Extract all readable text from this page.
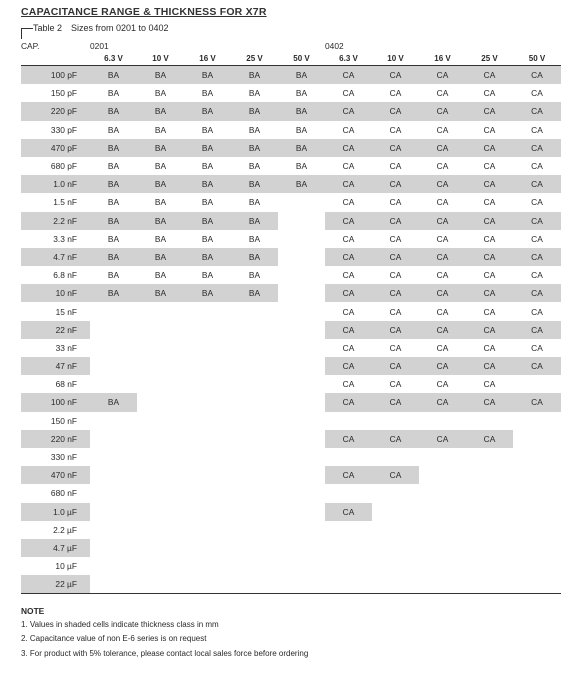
CAPACITANCE RANGE & THICKNESS FOR X7R
Table 2 Sizes from 0201 to 0402
CAP.	0201					0402				
	6.3 V	10 V	16 V	25 V	50 V	6.3 V	10 V	16 V	25 V	50 V
100 pF	BA	BA	BA	BA	BA	CA	CA	CA	CA	CA
150 pF	BA	BA	BA	BA	BA	CA	CA	CA	CA	CA
220 pF	BA	BA	BA	BA	BA	CA	CA	CA	CA	CA
330 pF	BA	BA	BA	BA	BA	CA	CA	CA	CA	CA
470 pF	BA	BA	BA	BA	BA	CA	CA	CA	CA	CA
680 pF	BA	BA	BA	BA	BA	CA	CA	CA	CA	CA
1.0 nF	BA	BA	BA	BA	BA	CA	CA	CA	CA	CA
1.5 nF	BA	BA	BA	BA		CA	CA	CA	CA	CA
2.2 nF	BA	BA	BA	BA		CA	CA	CA	CA	CA
3.3 nF	BA	BA	BA	BA		CA	CA	CA	CA	CA
4.7 nF	BA	BA	BA	BA		CA	CA	CA	CA	CA
6.8 nF	BA	BA	BA	BA		CA	CA	CA	CA	CA
10 nF	BA	BA	BA	BA		CA	CA	CA	CA	CA
15 nF						CA	CA	CA	CA	CA
22 nF						CA	CA	CA	CA	CA
33 nF						CA	CA	CA	CA	CA
47 nF						CA	CA	CA	CA	CA
68 nF						CA	CA	CA	CA	
100 nF	BA					CA	CA	CA	CA	CA
150 nF										
220 nF						CA	CA	CA	CA	
330 nF										
470 nF						CA	CA			
680 nF										
1.0 µF						CA				
2.2 µF										
4.7 µF										
10 µF										
22 µF										
NOTE
1. Values in shaded cells indicate thickness class in mm
2. Capacitance value of non E-6 series is on request
3. For product with 5% tolerance, please contact local sales force before ordering
